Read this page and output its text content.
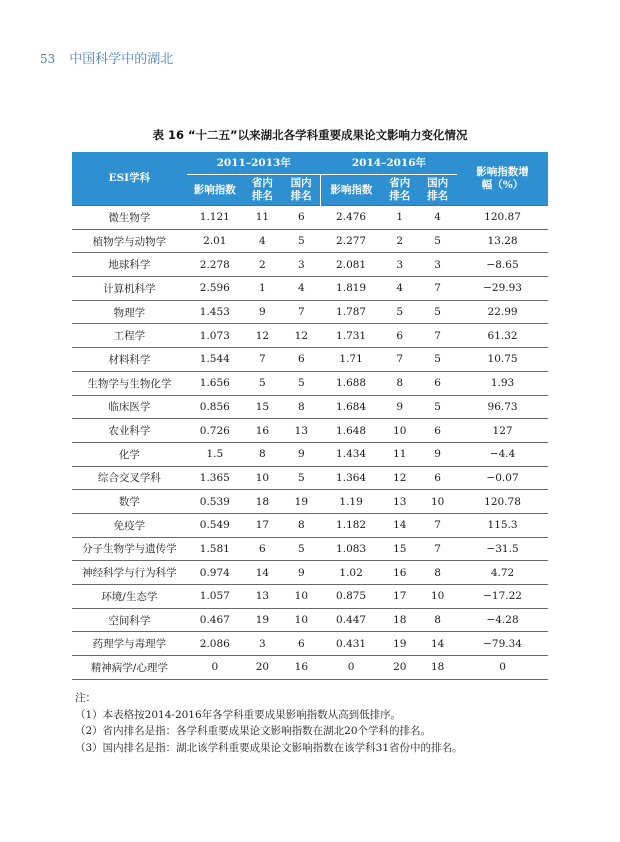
53 中国科学中的湖北
表 16 “十二五”以来湖北各学科重要成果论文影响力变化情况
ESI学科	2011–2013年			2014–2016年			影响指数增幅（%）

	影响指数	省内排名	国内排名	影响指数	省内排名	国内排名	

微生物学	1.121	11	6	2.476	1	4	120.87
植物学与动物学	2.01	4	5	2.277	2	5	13.28
地球科学	2.278	2	3	2.081	3	3	−8.65
计算机科学	2.596	1	4	1.819	4	7	−29.93
物理学	1.453	9	7	1.787	5	5	22.99
工程学	1.073	12	12	1.731	6	7	61.32
材料科学	1.544	7	6	1.71	7	5	10.75
生物学与生物化学	1.656	5	5	1.688	8	6	1.93
临床医学	0.856	15	8	1.684	9	5	96.73
农业科学	0.726	16	13	1.648	10	6	127
化学	1.5	8	9	1.434	11	9	−4.4
综合交叉学科	1.365	10	5	1.364	12	6	−0.07
数学	0.539	18	19	1.19	13	10	120.78
免疫学	0.549	17	8	1.182	14	7	115.3
分子生物学与遗传学	1.581	6	5	1.083	15	7	−31.5
神经科学与行为科学	0.974	14	9	1.02	16	8	4.72
环境/生态学	1.057	13	10	0.875	17	10	−17.22
空间科学	0.467	19	10	0.447	18	8	−4.28
药理学与毒理学	2.086	3	6	0.431	19	14	−79.34
精神病学/心理学	0	20	16	0	20	18	0
注：
（1）本表格按2014-2016年各学科重要成果影响指数从高到低排序。
（2）省内排名是指：各学科重要成果论文影响指数在湖北20个学科的排名。
（3）国内排名是指：湖北该学科重要成果论文影响指数在该学科31省份中的排名。
